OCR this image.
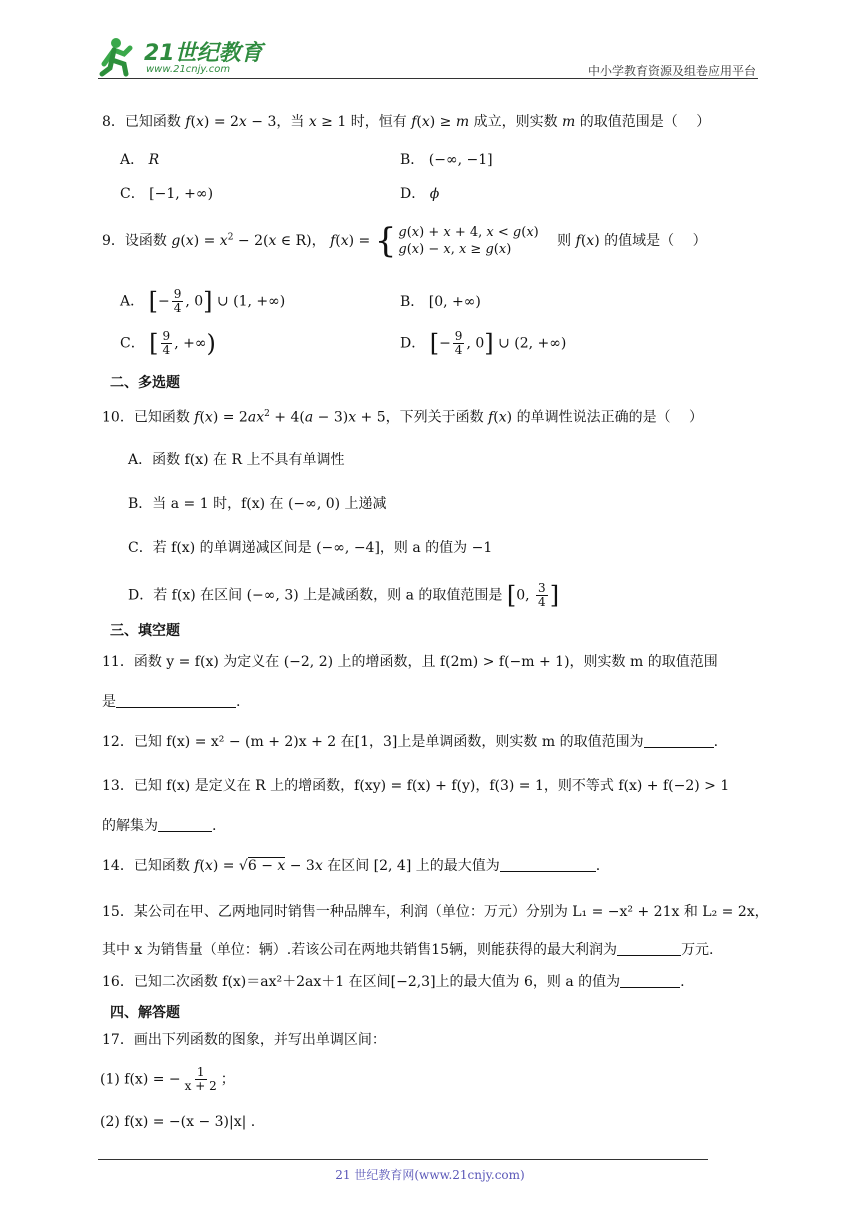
21世纪教育
www.21cnjy.com	中小学教育资源及组卷应用平台
8．已知函数 f(x) = 2x − 3，当 x ≥ 1 时，恒有 f(x) ≥ m 成立，则实数 m 的取值范围是（　 ）
A． R	B． (−∞, −1]
C． [−1, +∞)	D． ϕ
9．设函数 $g(x) = x^2 - 2(x$ ∈ R)， f(x) = { g(x) + x + 4, x < g(x)
g(x) − x, x ≥ g(x)
　则 f(x) 的值域是（　 ）
A． [− $\frac{9}{4}$ , 0] ∪ (1, +∞)	B． [0, +∞)
C． [ $\frac{9}{4}$ , +∞)	D． [− $\frac{9}{4}$ , 0] ∪ (2, +∞)
二、多选题
10．已知函数 $f(x) = 2ax^2 + 4(a - 3)x + 5$，下列关于函数 f(x) 的单调性说法正确的是（　 ）
A．函数 f(x) 在 R 上不具有单调性
B．当 a = 1 时，f(x) 在 (−∞, 0) 上递减
C．若 f(x) 的单调递减区间是 (−∞, −4]，则 a 的值为 −1
D．若 f(x) 在区间 (−∞, 3) 上是减函数，则 a 的取值范围是 [0, $\frac{3}{4}$ ]
三、填空题
11．函数 y = f(x) 为定义在 (−2, 2) 上的增函数，且 f(2m) > f(−m + 1)，则实数 m 的取值范围
是	.
12．已知 f(x) = x² − (m + 2)x + 2 在[1，3]上是单调函数，则实数 m 的取值范围为	.
13．已知 f(x) 是定义在 R 上的增函数，f(xy) = f(x) + f(y)，f(3) = 1，则不等式 f(x) + f(−2) > 1
的解集为	.
14．已知函数 f(x) = √6 − x − 3x 在区间 [2, 4] 上的最大值为	.
15．某公司在甲、乙两地同时销售一种品牌车，利润（单位：万元）分别为 L₁ = −x² + 21x 和 L₂ = 2x，
其中 x 为销售量（单位：辆）.若该公司在两地共销售15辆，则能获得的最大利润为	万元.
16．已知二次函数 f(x)＝ax²＋2ax＋1 在区间[−2,3]上的最大值为 6，则 a 的值为	.
四、解答题
17．画出下列函数的图象，并写出单调区间：
(1) f(x) = − $\frac{1}{x + 2}$ ；
(2) f(x) = −(x − 3)|x| .
21 世纪教育网(www.21cnjy.com)
